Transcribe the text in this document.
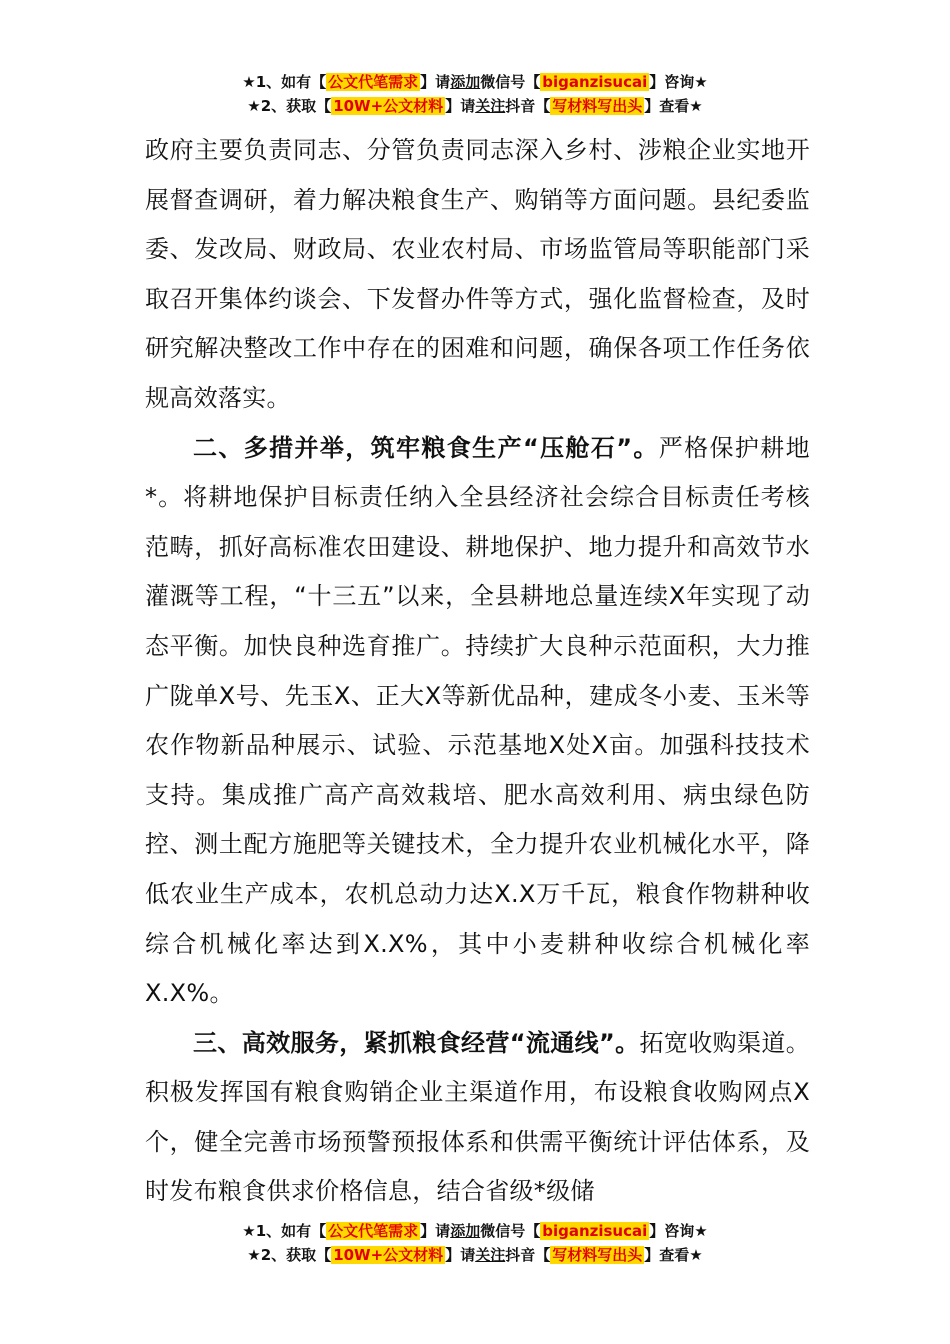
★1、如有【 公文代笔需求 】请添加微信号【 biganzisucai 】咨询★
★2、获取【 10W+公文材料 】请关注抖音【 写材料写出头 】查看★

政府主要负责同志、分管负责同志深入乡村、涉粮企业实地开展督查调研，着力解决粮食生产、购销等方面问题。县纪委监委、发改局、财政局、农业农村局、市场监管局等职能部门采取召开集体约谈会、下发督办件等方式，强化监督检查，及时研究解决整改工作中存在的困难和问题，确保各项工作任务依规高效落实。

二、多措并举，筑牢粮食生产“压舱石”。严格保护耕地*。将耕地保护目标责任纳入全县经济社会综合目标责任考核范畴，抓好高标准农田建设、耕地保护、地力提升和高效节水灌溉等工程，“十三五”以来，全县耕地总量连续X年实现了动态平衡。加快良种选育推广。持续扩大良种示范面积，大力推广陇单X号、先玉X、正大X等新优品种，建成冬小麦、玉米等农作物新品种展示、试验、示范基地X处X亩。加强科技技术支持。集成推广高产高效栽培、肥水高效利用、病虫绿色防控、测土配方施肥等关键技术，全力提升农业机械化水平，降低农业生产成本，农机总动力达X.X万千瓦，粮食作物耕种收综合机械化率达到X.X%，其中小麦耕种收综合机械化率X.X%。

三、高效服务，紧抓粮食经营“流通线”。拓宽收购渠道。积极发挥国有粮食购销企业主渠道作用，布设粮食收购网点X个，健全完善市场预警预报体系和供需平衡统计评估体系，及时发布粮食供求价格信息，结合省级*级储

★1、如有【 公文代笔需求 】请添加微信号【 biganzisucai 】咨询★
★2、获取【 10W+公文材料 】请关注抖音【 写材料写出头 】查看★
